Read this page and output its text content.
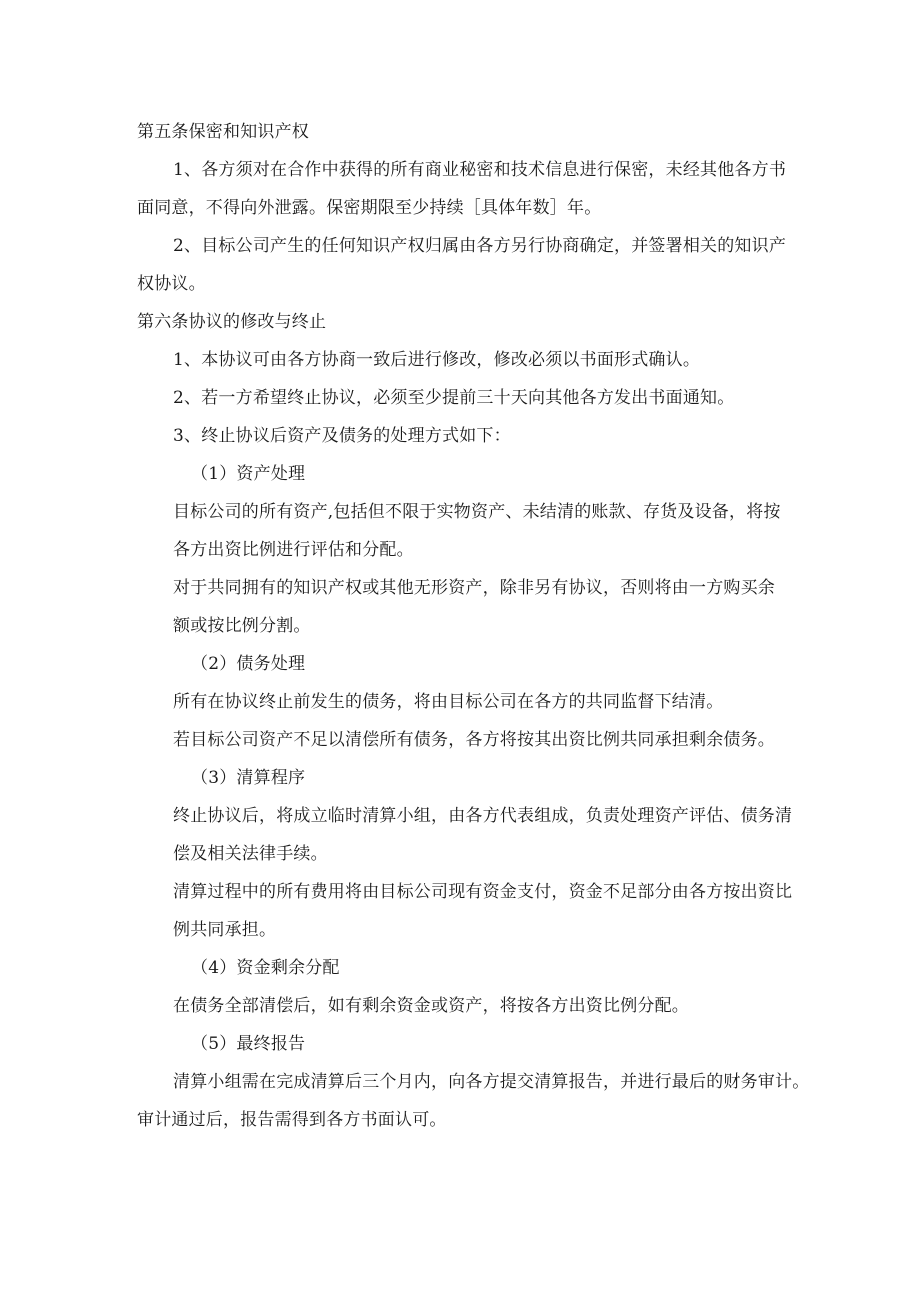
第五条保密和知识产权
1、各方须对在合作中获得的所有商业秘密和技术信息进行保密，未经其他各方书
面同意，不得向外泄露。保密期限至少持续［具体年数］年。
2、目标公司产生的任何知识产权归属由各方另行协商确定，并签署相关的知识产
权协议。
第六条协议的修改与终止
1、本协议可由各方协商一致后进行修改，修改必须以书面形式确认。
2、若一方希望终止协议，必须至少提前三十天向其他各方发出书面通知。
3、终止协议后资产及债务的处理方式如下：
（1）资产处理
目标公司的所有资产,包括但不限于实物资产、未结清的账款、存货及设备，将按
各方出资比例进行评估和分配。
对于共同拥有的知识产权或其他无形资产，除非另有协议，否则将由一方购买余
额或按比例分割。
（2）债务处理
所有在协议终止前发生的债务，将由目标公司在各方的共同监督下结清。
若目标公司资产不足以清偿所有债务，各方将按其出资比例共同承担剩余债务。
（3）清算程序
终止协议后，将成立临时清算小组，由各方代表组成，负责处理资产评估、债务清
偿及相关法律手续。
清算过程中的所有费用将由目标公司现有资金支付，资金不足部分由各方按出资比
例共同承担。
（4）资金剩余分配
在债务全部清偿后，如有剩余资金或资产，将按各方出资比例分配。
（5）最终报告
清算小组需在完成清算后三个月内，向各方提交清算报告，并进行最后的财务审计。
审计通过后，报告需得到各方书面认可。
